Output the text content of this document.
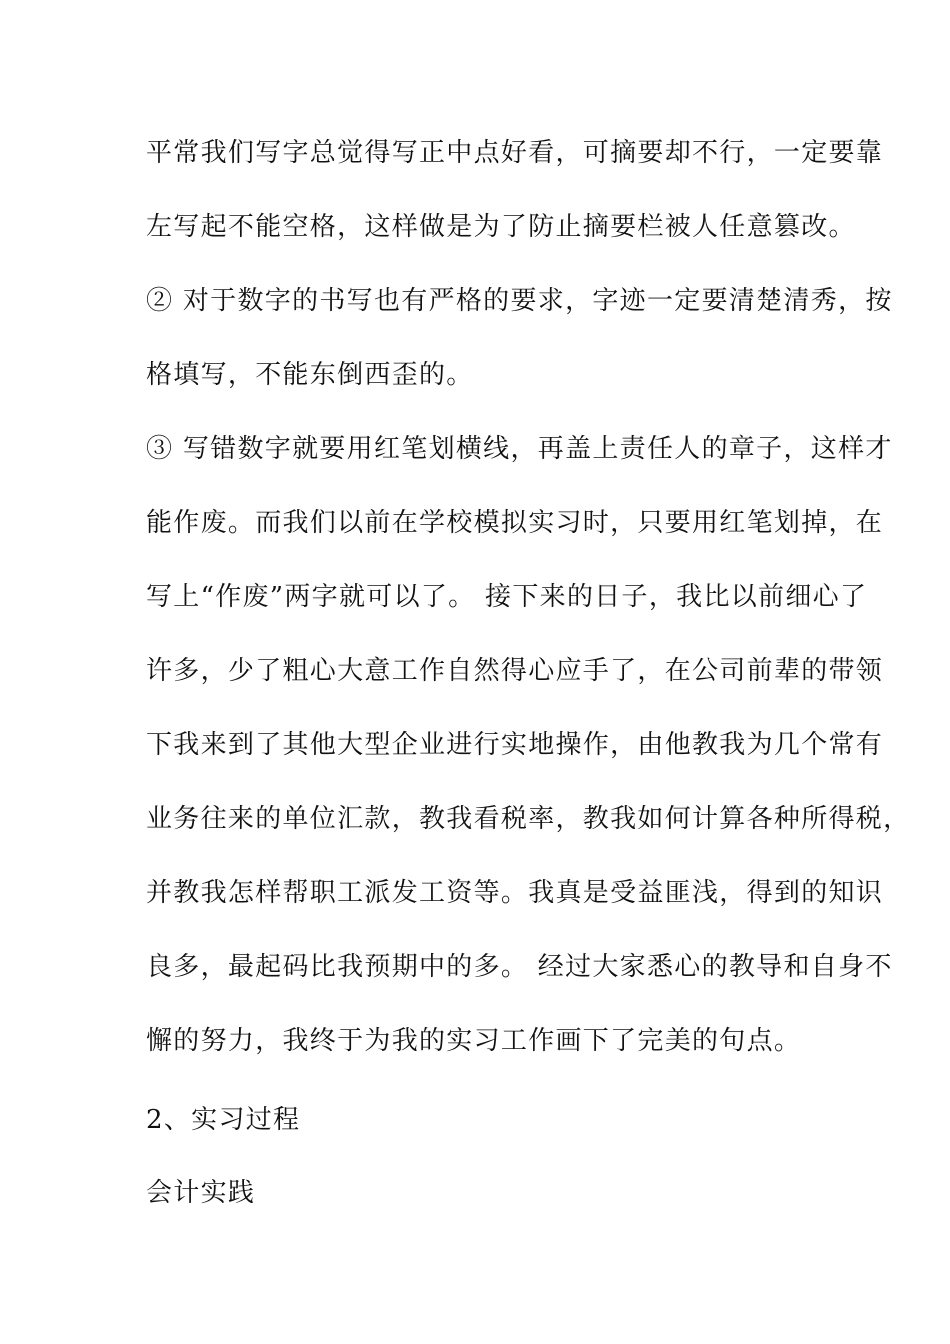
平常我们写字总觉得写正中点好看，可摘要却不行，一定要靠
左写起不能空格，这样做是为了防止摘要栏被人任意篡改。
② 对于数字的书写也有严格的要求，字迹一定要清楚清秀，按
格填写，不能东倒西歪的。
③ 写错数字就要用红笔划横线，再盖上责任人的章子，这样才
能作废。而我们以前在学校模拟实习时，只要用红笔划掉，在
写上“作废”两字就可以了。 接下来的日子，我比以前细心了
许多，少了粗心大意工作自然得心应手了，在公司前辈的带领
下我来到了其他大型企业进行实地操作，由他教我为几个常有
业务往来的单位汇款，教我看税率，教我如何计算各种所得税，
并教我怎样帮职工派发工资等。我真是受益匪浅，得到的知识
良多，最起码比我预期中的多。 经过大家悉心的教导和自身不
懈的努力，我终于为我的实习工作画下了完美的句点。
2、实习过程
会计实践
